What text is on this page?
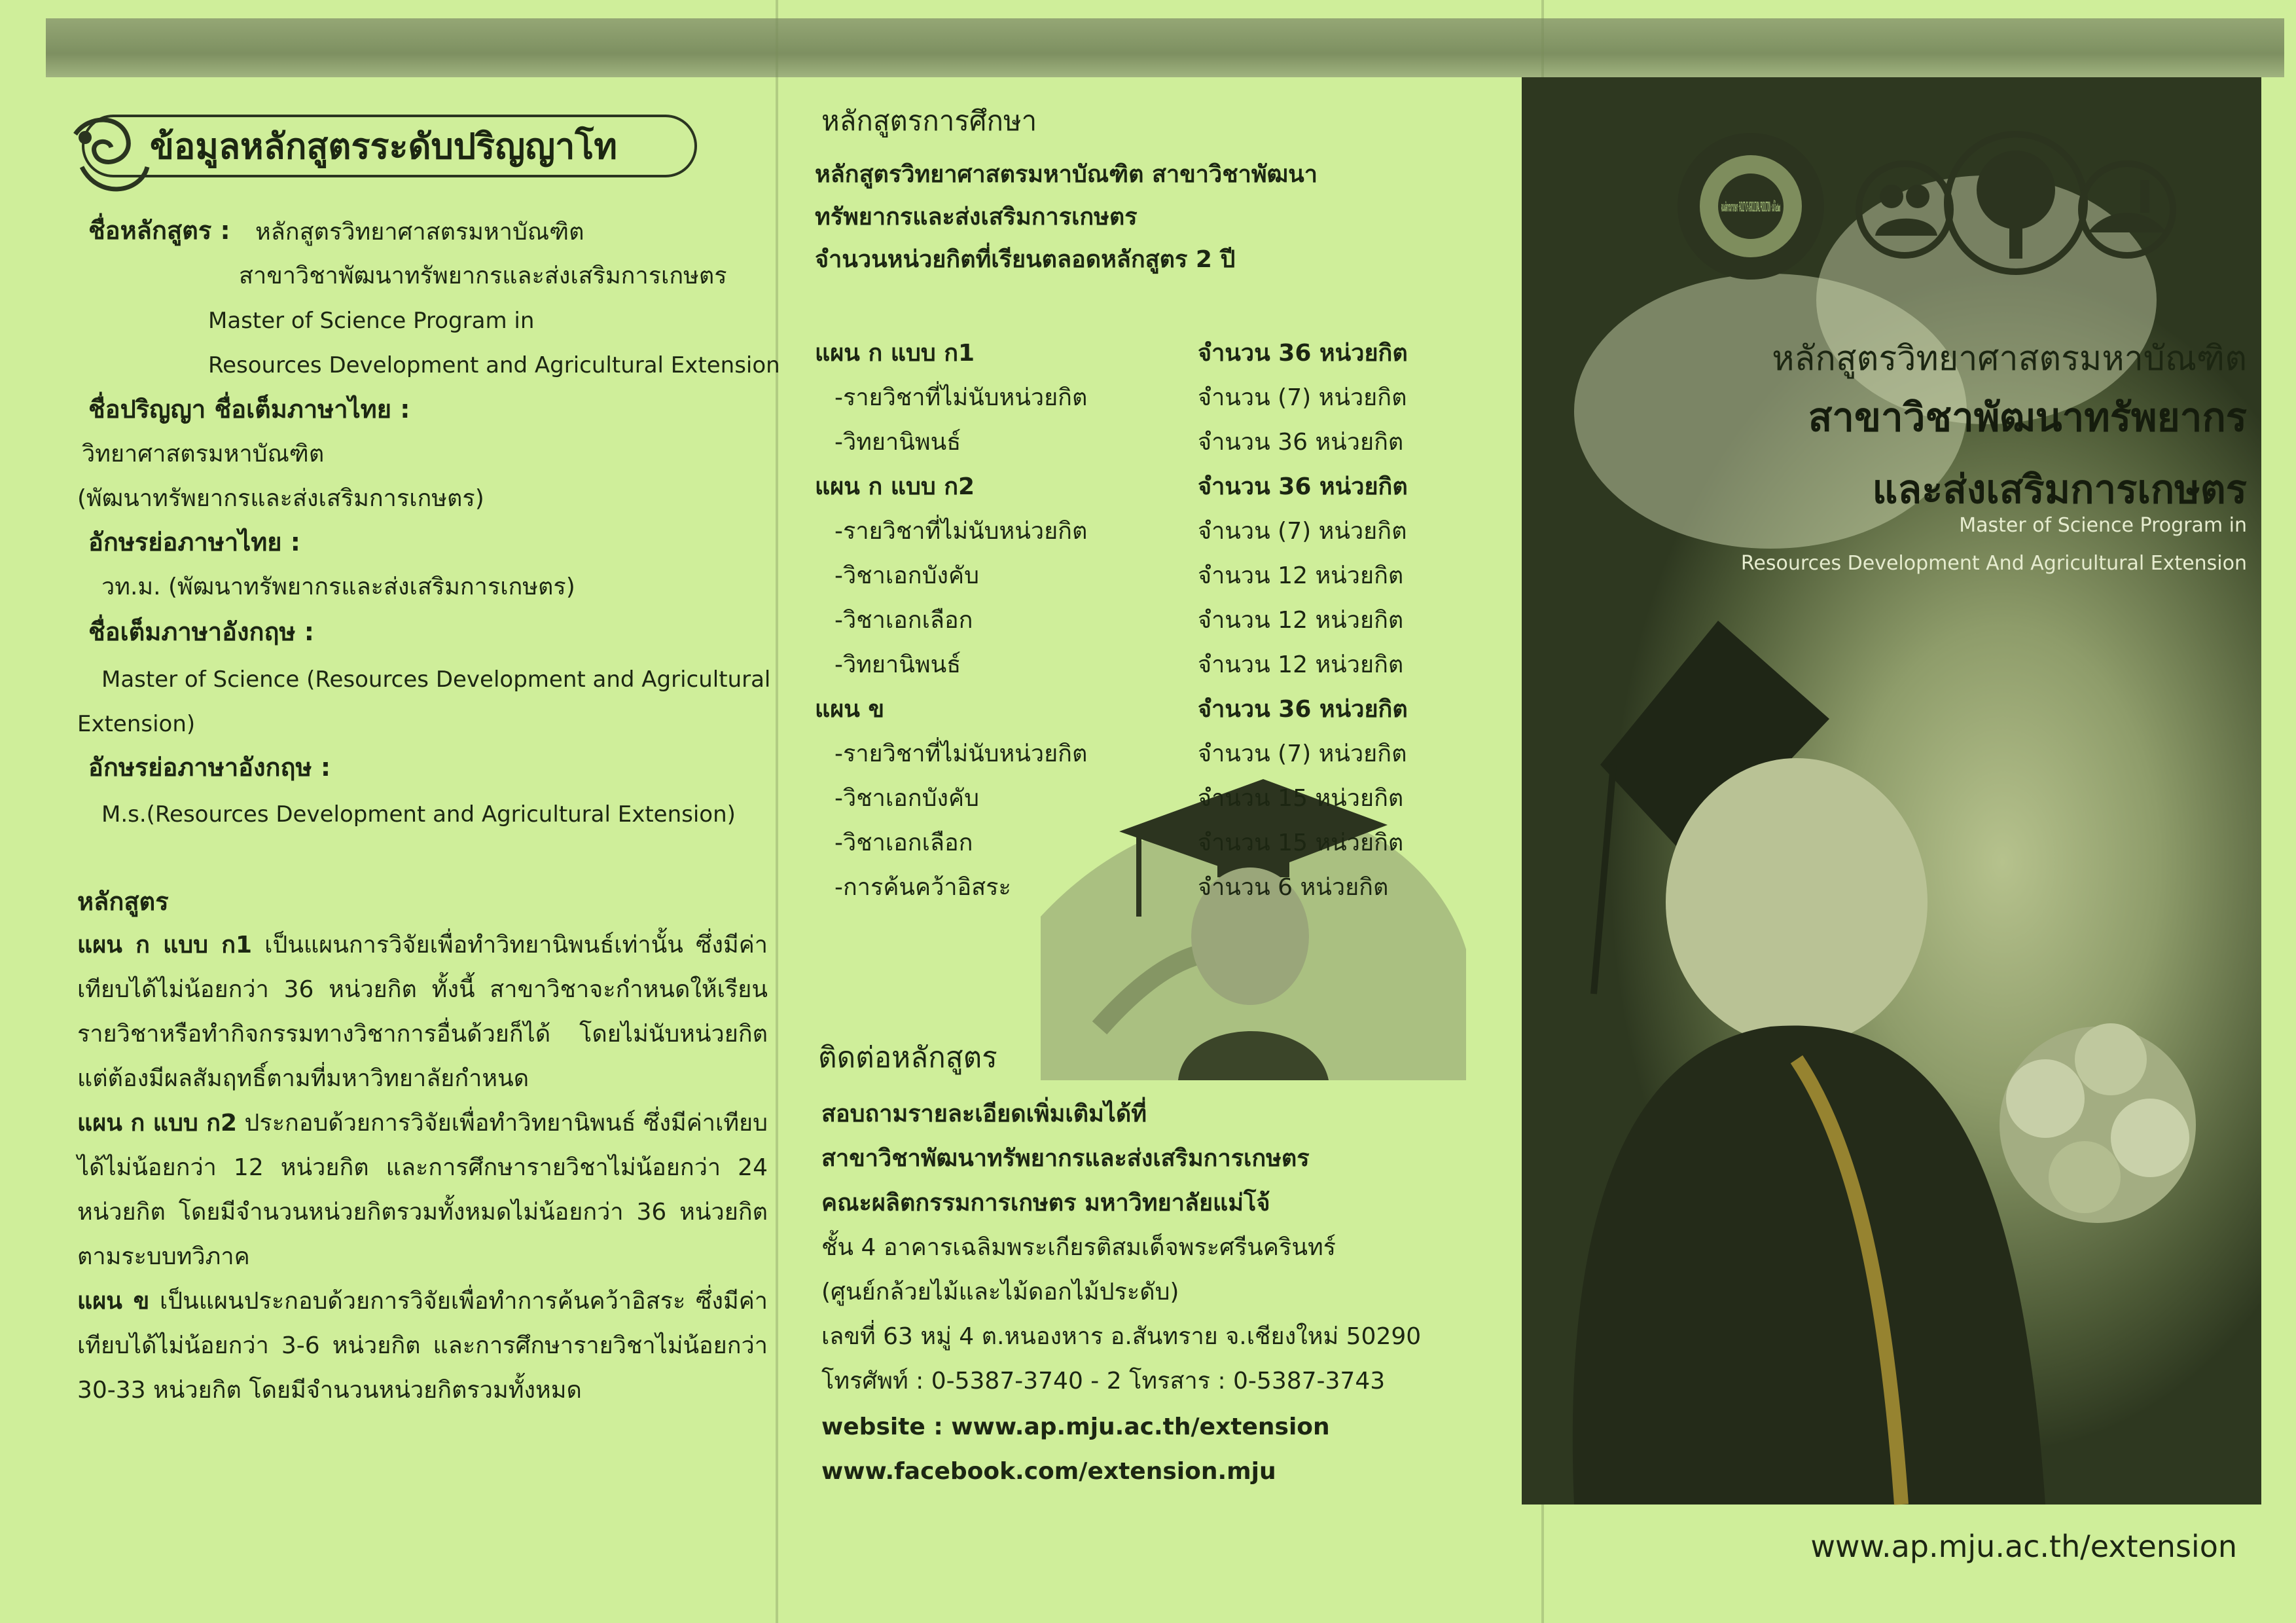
ข้อมูลหลักสูตรระดับปริญญาโท
ชื่อหลักสูตร : หลักสูตรวิทยาศาสตรมหาบัณฑิต
สาขาวิชาพัฒนาทรัพยากรและส่งเสริมการเกษตร
Master of Science Program in
Resources Development and Agricultural Extension
ชื่อปริญญา ชื่อเต็มภาษาไทย :
วิทยาศาสตรมหาบัณฑิต
(พัฒนาทรัพยากรและส่งเสริมการเกษตร)
อักษรย่อภาษาไทย :
วท.ม. (พัฒนาทรัพยากรและส่งเสริมการเกษตร)
ชื่อเต็มภาษาอังกฤษ :
Master of Science (Resources Development and Agricultural
Extension)
อักษรย่อภาษาอังกฤษ :
M.s.(Resources Development and Agricultural Extension)
หลักสูตร
แผน ก แบบ ก1 เป็นแผนการวิจัยเพื่อทำวิทยานิพนธ์เท่านั้น ซึ่งมีค่าเทียบได้ไม่น้อยกว่า 36 หน่วยกิต ทั้งนี้ สาขาวิชาจะกำหนดให้เรียนรายวิชาหรือทำกิจกรรมทางวิชาการอื่นด้วยก็ได้ โดยไม่นับหน่วยกิตแต่ต้องมีผลสัมฤทธิ์ตามที่มหาวิทยาลัยกำหนด
แผน ก แบบ ก2 ประกอบด้วยการวิจัยเพื่อทำวิทยานิพนธ์ ซึ่งมีค่าเทียบได้ไม่น้อยกว่า 12 หน่วยกิต และการศึกษารายวิชาไม่น้อยกว่า 24 หน่วยกิต โดยมีจำนวนหน่วยกิตรวมทั้งหมดไม่น้อยกว่า 36 หน่วยกิต ตามระบบทวิภาค
แผน ข เป็นแผนประกอบด้วยการวิจัยเพื่อทำการค้นคว้าอิสระ ซึ่งมีค่าเทียบได้ไม่น้อยกว่า 3-6 หน่วยกิต และการศึกษารายวิชาไม่น้อยกว่า 30-33 หน่วยกิต โดยมีจำนวนหน่วยกิตรวมทั้งหมด
หลักสูตรการศึกษา
หลักสูตรวิทยาศาสตรมหาบัณฑิต สาขาวิชาพัฒนา
ทรัพยากรและส่งเสริมการเกษตร
จำนวนหน่วยกิตที่เรียนตลอดหลักสูตร 2 ปี
แผน ก แบบ ก1	จำนวน 36 หน่วยกิต
-รายวิชาที่ไม่นับหน่วยกิต	จำนวน (7) หน่วยกิต
-วิทยานิพนธ์	จำนวน 36 หน่วยกิต
แผน ก แบบ ก2	จำนวน 36 หน่วยกิต
-รายวิชาที่ไม่นับหน่วยกิต	จำนวน (7) หน่วยกิต
-วิชาเอกบังคับ	จำนวน 12 หน่วยกิต
-วิชาเอกเลือก	จำนวน 12 หน่วยกิต
-วิทยานิพนธ์	จำนวน 12 หน่วยกิต
แผน ข	จำนวน 36 หน่วยกิต
-รายวิชาที่ไม่นับหน่วยกิต	จำนวน (7) หน่วยกิต
-วิชาเอกบังคับ	จำนวน 15 หน่วยกิต
-วิชาเอกเลือก	จำนวน 15 หน่วยกิต
-การค้นคว้าอิสระ	จำนวน 6 หน่วยกิต
ติดต่อหลักสูตร
สอบถามรายละเอียดเพิ่มเติมได้ที่
สาขาวิชาพัฒนาทรัพยากรและส่งเสริมการเกษตร
คณะผลิตกรรมการเกษตร มหาวิทยาลัยแม่โจ้
ชั้น 4 อาคารเฉลิมพระเกียรติสมเด็จพระศรีนครินทร์
(ศูนย์กล้วยไม้และไม้ดอกไม้ประดับ)
เลขที่ 63 หมู่ 4 ต.หนองหาร อ.สันทราย จ.เชียงใหม่ 50290
โทรศัพท์ : 0-5387-3740 - 2 โทรสาร : 0-5387-3743
website : www.ap.mju.ac.th/extension
www.facebook.com/extension.mju
คณะผลิตกรรมการเกษตร · FACULTY OF AGRICULTURAL PRODUCTION · แม่โจ้ ๒๕๑๗
หลักสูตรวิทยาศาสตรมหาบัณฑิต
สาขาวิชาพัฒนาทรัพยากร
และส่งเสริมการเกษตร
Master of Science Program in
Resources Development And Agricultural Extension
www.ap.mju.ac.th/extension
